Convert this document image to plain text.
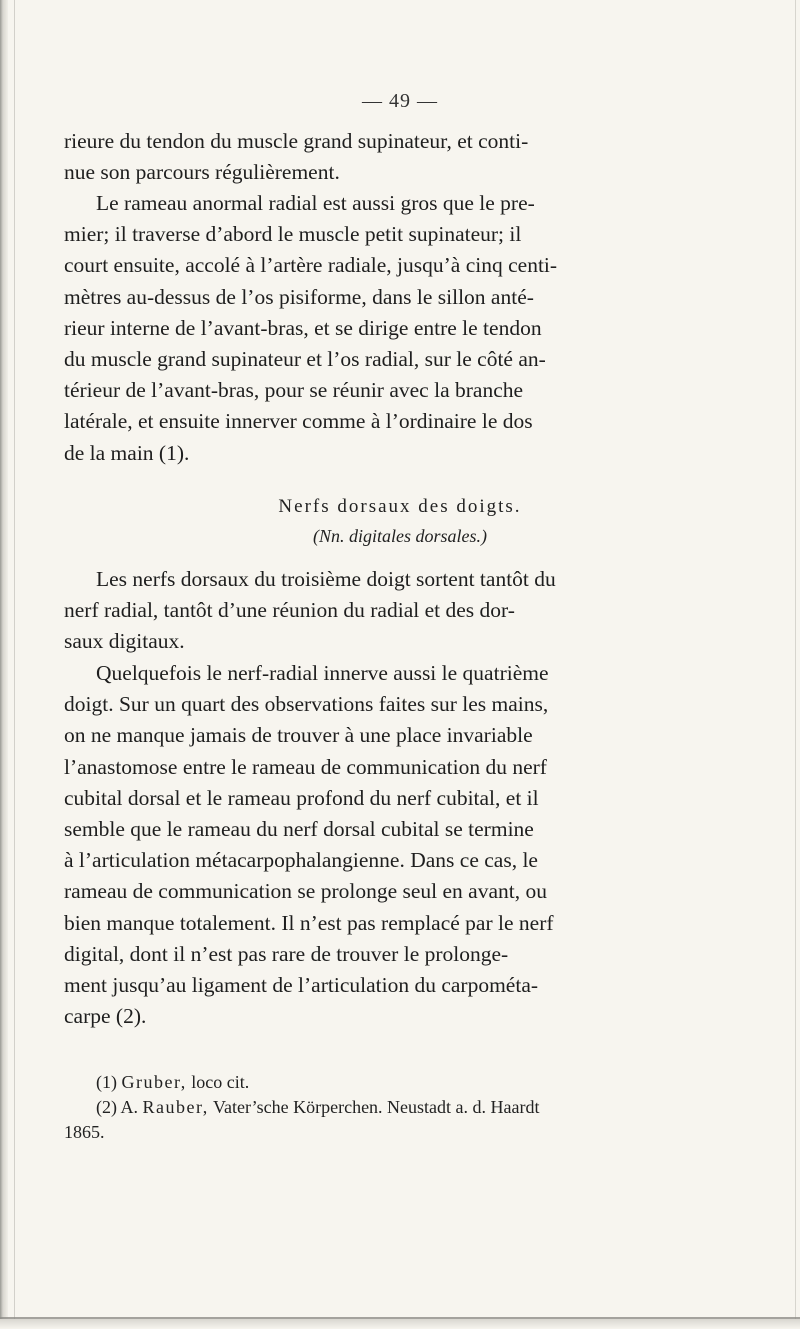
— 49 —

rieure du tendon du muscle grand supinateur, et conti-

nue son parcours régulièrement.

Le rameau anormal radial est aussi gros que le pre-

mier; il traverse d’abord le muscle petit supinateur; il

court ensuite, accolé à l’artère radiale, jusqu’à cinq centi-

mètres au-dessus de l’os pisiforme, dans le sillon anté-

rieur interne de l’avant-bras, et se dirige entre le tendon

du muscle grand supinateur et l’os radial, sur le côté an-

térieur de l’avant-bras, pour se réunir avec la branche

latérale, et ensuite innerver comme à l’ordinaire le dos

de la main (1).

Nerfs dorsaux des doigts.
(Nn. digitales dorsales.)

Les nerfs dorsaux du troisième doigt sortent tantôt du

nerf radial, tantôt d’une réunion du radial et des dor-

saux digitaux.

Quelquefois le nerf-radial innerve aussi le quatrième

doigt. Sur un quart des observations faites sur les mains,

on ne manque jamais de trouver à une place invariable

l’anastomose entre le rameau de communication du nerf

cubital dorsal et le rameau profond du nerf cubital, et il

semble que le rameau du nerf dorsal cubital se termine

à l’articulation métacarpophalangienne. Dans ce cas, le

rameau de communication se prolonge seul en avant, ou

bien manque totalement. Il n’est pas remplacé par le nerf

digital, dont il n’est pas rare de trouver le prolonge-

ment jusqu’au ligament de l’articulation du carpométa-

carpe (2).

(1) Gruber, loco cit.

(2) A. Rauber, Vater’sche Körperchen. Neustadt a. d. Haardt

1865.
